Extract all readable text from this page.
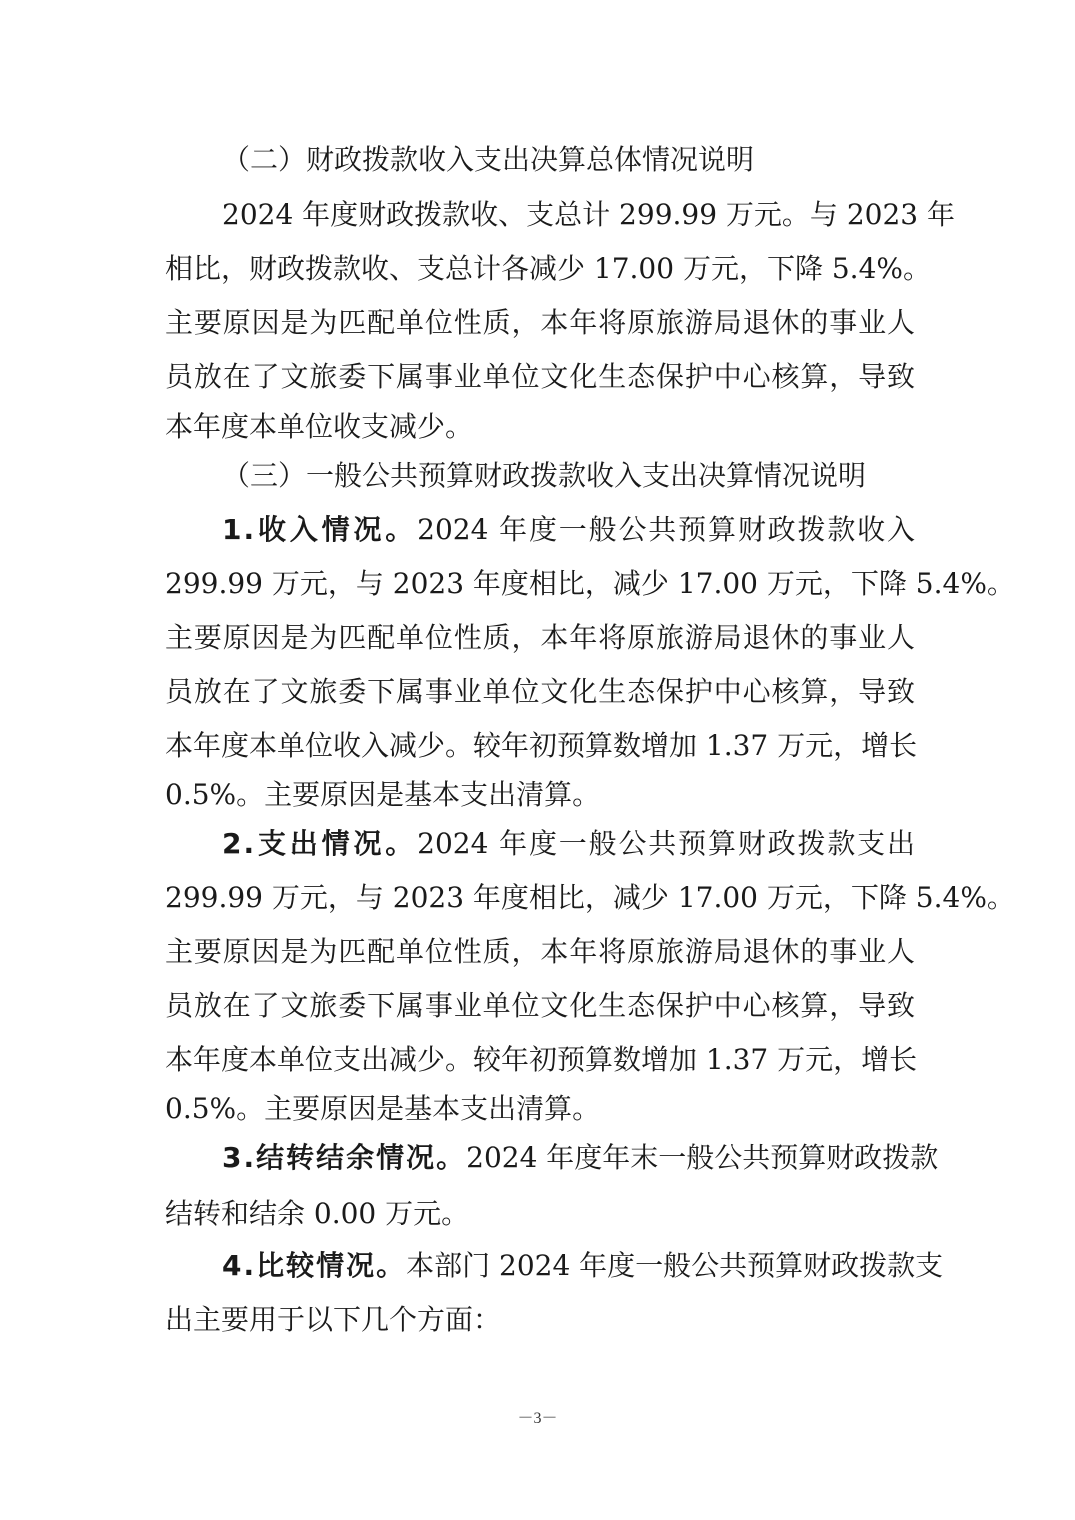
（二）财政拨款收入支出决算总体情况说明
2024 年度财政拨款收、支总计 299.99 万元。与 2023 年
相比，财政拨款收、支总计各减少 17.00 万元，下降 5.4%。
主要原因是为匹配单位性质，本年将原旅游局退休的事业人
员放在了文旅委下属事业单位文化生态保护中心核算，导致
本年度本单位收支减少。
（三）一般公共预算财政拨款收入支出决算情况说明
1.收入情况。2024 年度一般公共预算财政拨款收入
299.99 万元，与 2023 年度相比，减少 17.00 万元，下降 5.4%。
主要原因是为匹配单位性质，本年将原旅游局退休的事业人
员放在了文旅委下属事业单位文化生态保护中心核算，导致
本年度本单位收入减少。较年初预算数增加 1.37 万元，增长
0.5%。主要原因是基本支出清算。
2.支出情况。2024 年度一般公共预算财政拨款支出
299.99 万元，与 2023 年度相比，减少 17.00 万元，下降 5.4%。
主要原因是为匹配单位性质，本年将原旅游局退休的事业人
员放在了文旅委下属事业单位文化生态保护中心核算，导致
本年度本单位支出减少。较年初预算数增加 1.37 万元，增长
0.5%。主要原因是基本支出清算。
3.结转结余情况。2024 年度年末一般公共预算财政拨款
结转和结余 0.00 万元。
4.比较情况。本部门 2024 年度一般公共预算财政拨款支
出主要用于以下几个方面：
－3－
